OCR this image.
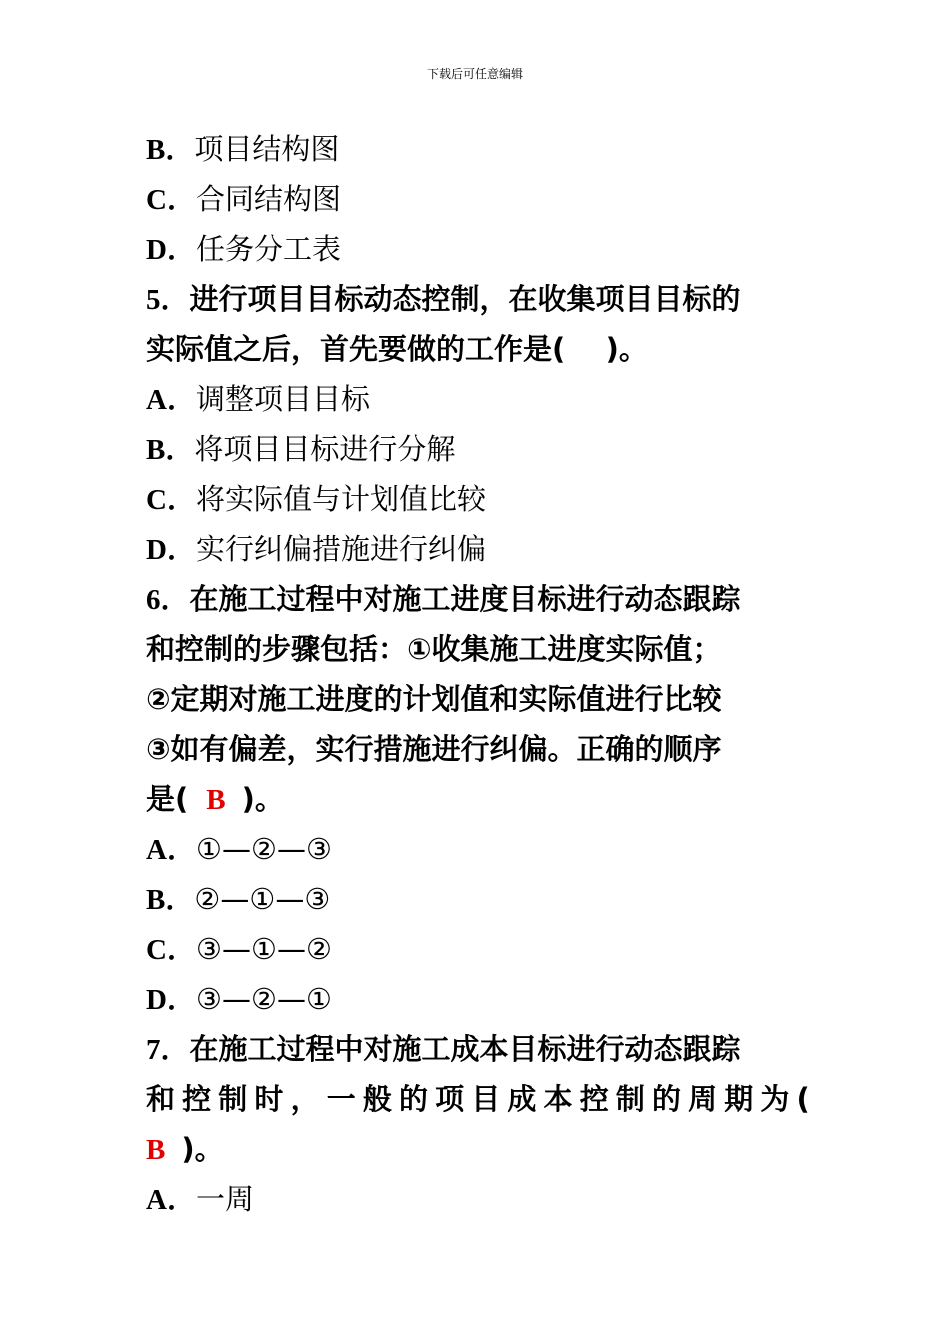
下载后可任意编辑
B．项目结构图
C．合同结构图
D．任务分工表
5．进行项目目标动态控制，在收集项目目标的
实际值之后，首先要做的工作是(    )。
A．调整项目目标
B．将项目目标进行分解
C．将实际值与计划值比较
D．实行纠偏措施进行纠偏
6．在施工过程中对施工进度目标进行动态跟踪
和控制的步骤包括：①收集施工进度实际值；
②定期对施工进度的计划值和实际值进行比较
③如有偏差，实行措施进行纠偏。正确的顺序
是( B )。
A．①—②—③
B．②—①—③
C．③—①—②
D．③—②—①
7．在施工过程中对施工成本目标进行动态跟踪
和 控 制 时 ， 一 般 的 项 目 成 本 控 制 的 周 期 为 (
B )。
A．一周
